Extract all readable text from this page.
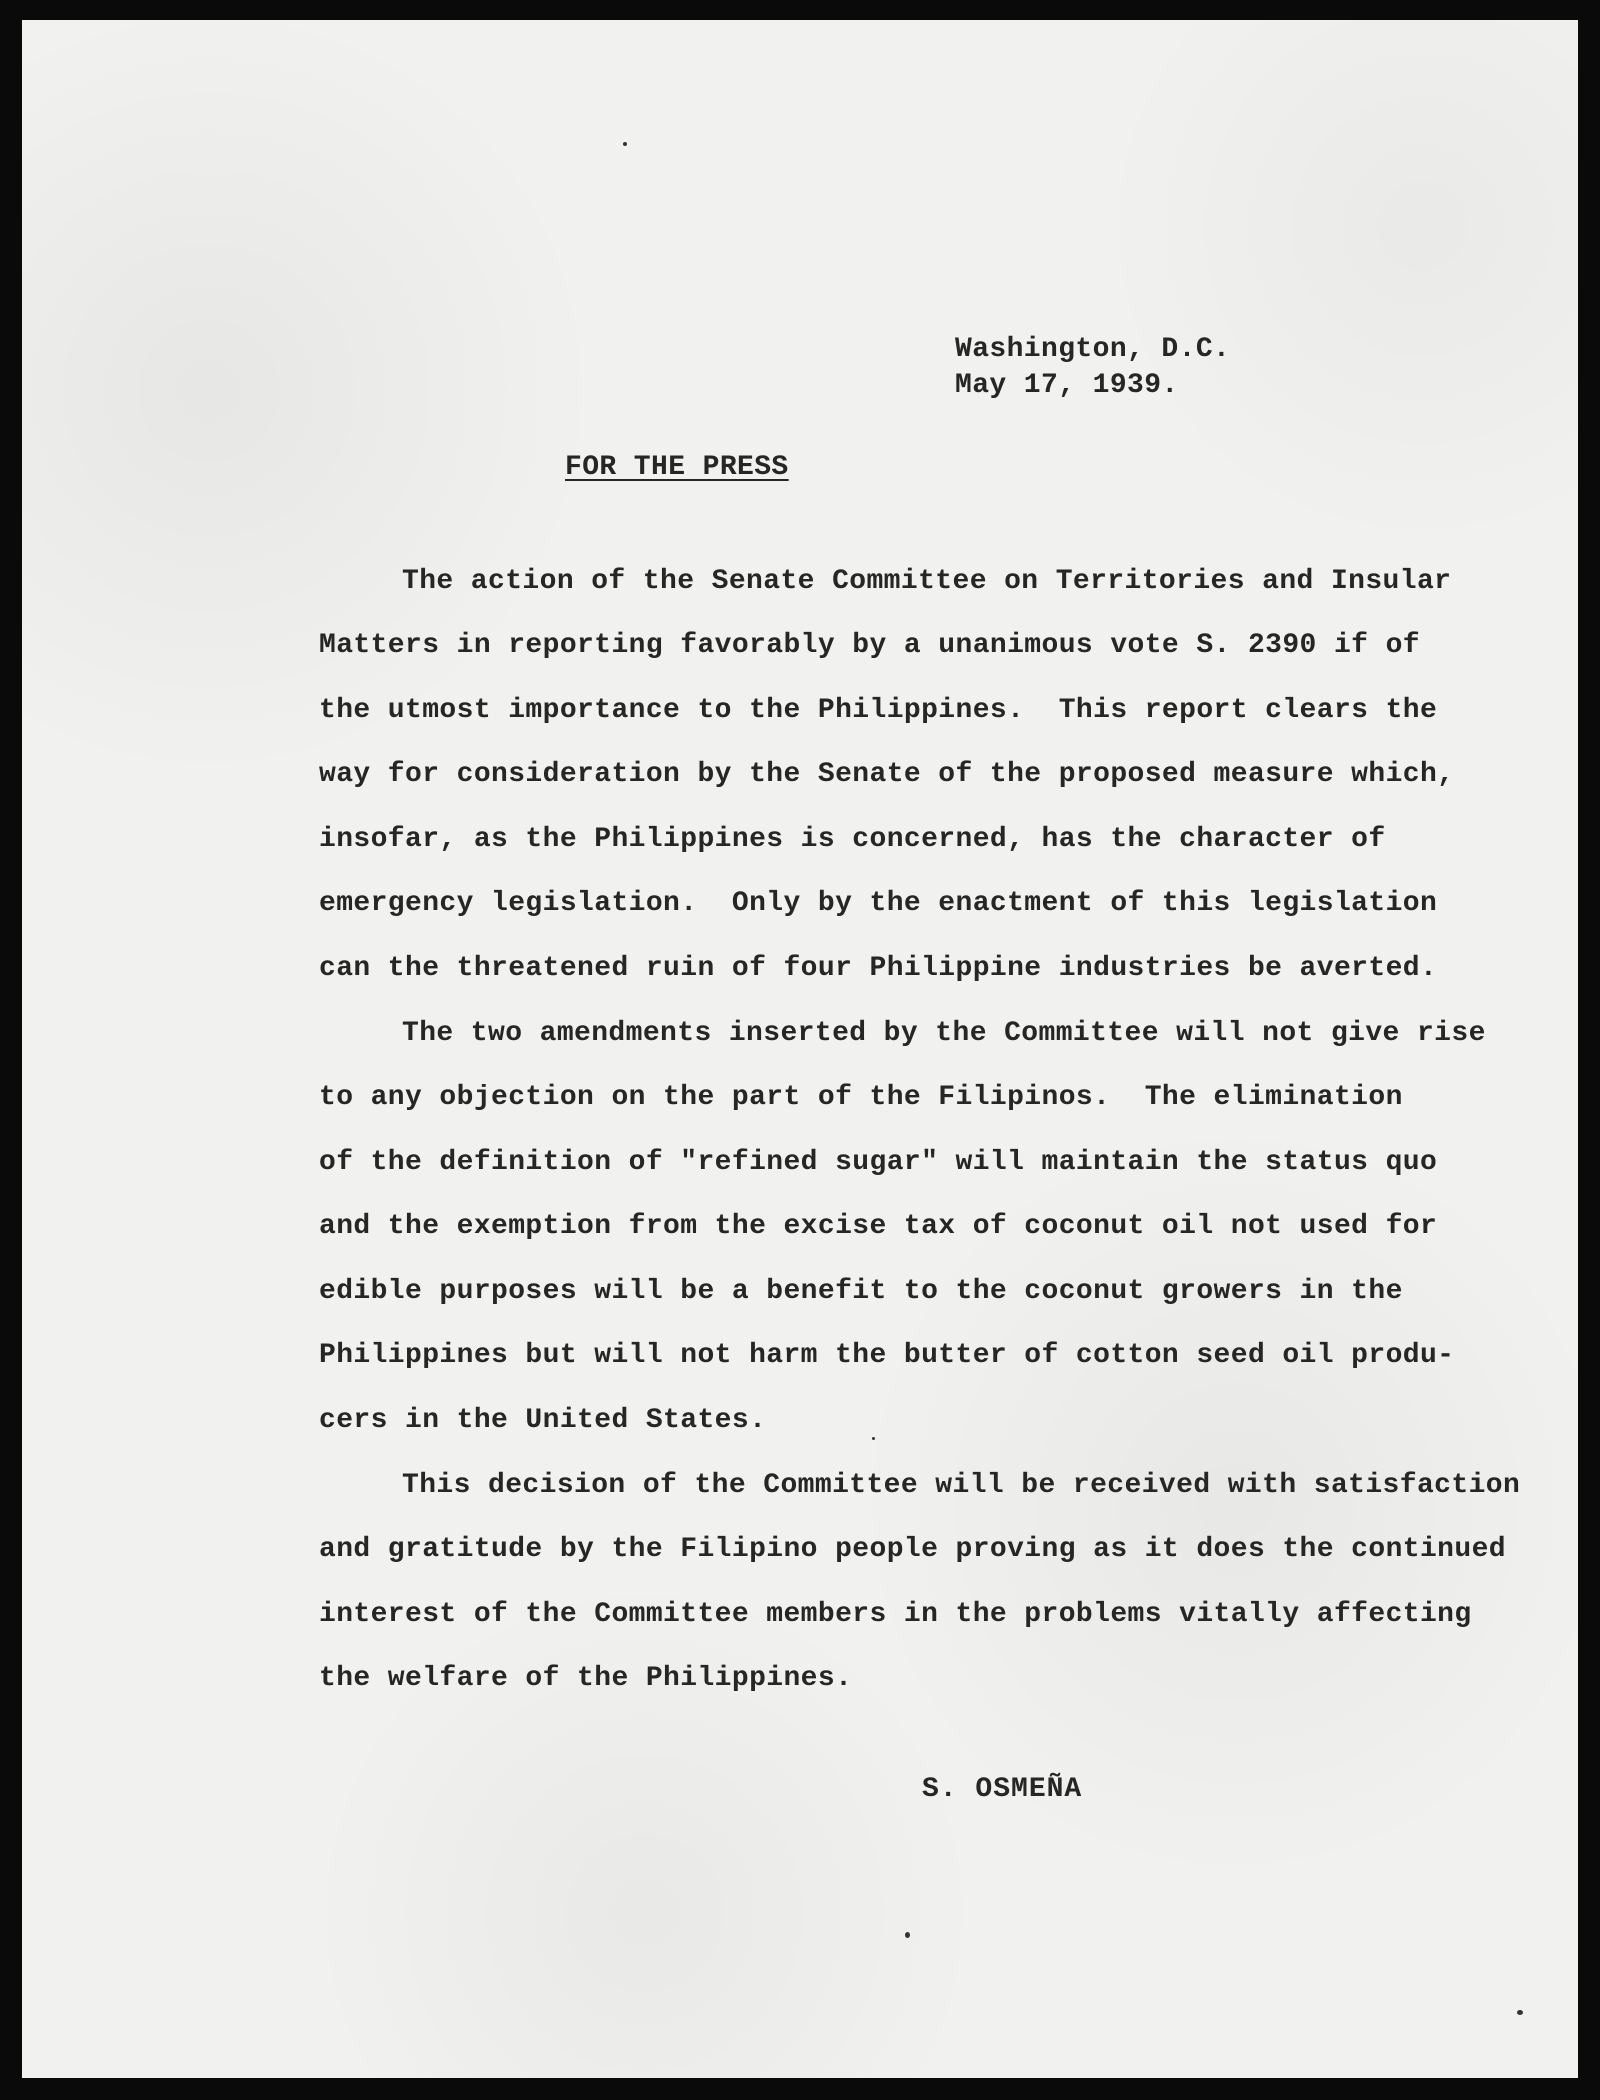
Washington, D.C.
May 17, 1939.
FOR THE PRESS
The action of the Senate Committee on Territories and Insular
Matters in reporting favorably by a unanimous vote S. 2390 if of
the utmost importance to the Philippines.  This report clears the
way for consideration by the Senate of the proposed measure which,
insofar, as the Philippines is concerned, has the character of
emergency legislation.  Only by the enactment of this legislation
can the threatened ruin of four Philippine industries be averted.
The two amendments inserted by the Committee will not give rise
to any objection on the part of the Filipinos.  The elimination
of the definition of "refined sugar" will maintain the status quo
and the exemption from the excise tax of coconut oil not used for
edible purposes will be a benefit to the coconut growers in the
Philippines but will not harm the butter of cotton seed oil produ-
cers in the United States.
This decision of the Committee will be received with satisfaction
and gratitude by the Filipino people proving as it does the continued
interest of the Committee members in the problems vitally affecting
the welfare of the Philippines.
S. OSMEÑA
